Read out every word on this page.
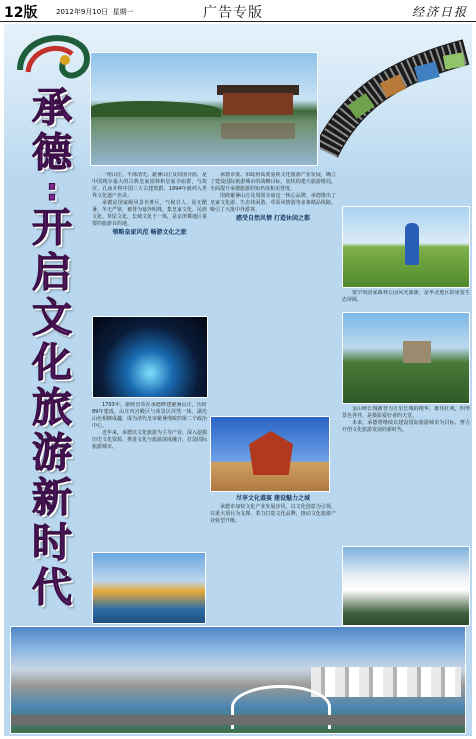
12版	2012年9月10日 星期一	广告专版	经济日报
承
德
:
开
启
文
化
旅
游
新
时
代

一座山庄，半部清史。避暑山庄及周围寺庙，是中国现存最大的古典皇家园林和皇家寺庙群，与故宫、孔庙并称中国三大古建筑群，1994年被列入世界文化遗产名录。

承德是国家级风景名胜区，气候宜人，夏无酷暑，冬无严寒，被誉为塞外明珠，集皇家文化、民族文化、草原文化、长城文化于一体，是京津冀地区重要的旅游目的地。

领略皇家风范 畅游文化之旅

1703年，康熙皇帝在承德修建避暑山庄，历时89年建成，山庄内宫殿区与苑景区浑然一体，湖光山色相映成趣，成为清代皇帝避暑理政的第二个政治中心。

近年来，承德以文化旅游为主导产业，深入挖掘历史文化资源，推进文化与旅游深度融合，打造国际旅游城市。

承德市委、市政府高度重视文化旅游产业发展，确立了建设国际旅游城市的战略目标，加快构建大旅游格局，全面提升承德旅游的知名度和美誉度。

围绕避暑山庄及周围寺庙这一核心品牌，承德推出了皇家文化游、生态休闲游、草原风情游等多条精品线路，吸引了大批中外游客。

感受自然风情 打造休闲之都
尽享文化盛宴 建设魅力之城

承德市加快文化产业发展步伐，以文化创意为引领，以重大项目为支撑，着力打造文化品牌，推动文化旅游产业转型升级。

塞罕坝国家森林公园风光旖旎，是华北地区的重要生态屏障。

金山岭长城被誉为万里长城的精华，雄伟壮观，四季景色各异，是摄影爱好者的天堂。

未来，承德将继续以建设国际旅游城市为目标，努力开创文化旅游发展的新时代。
